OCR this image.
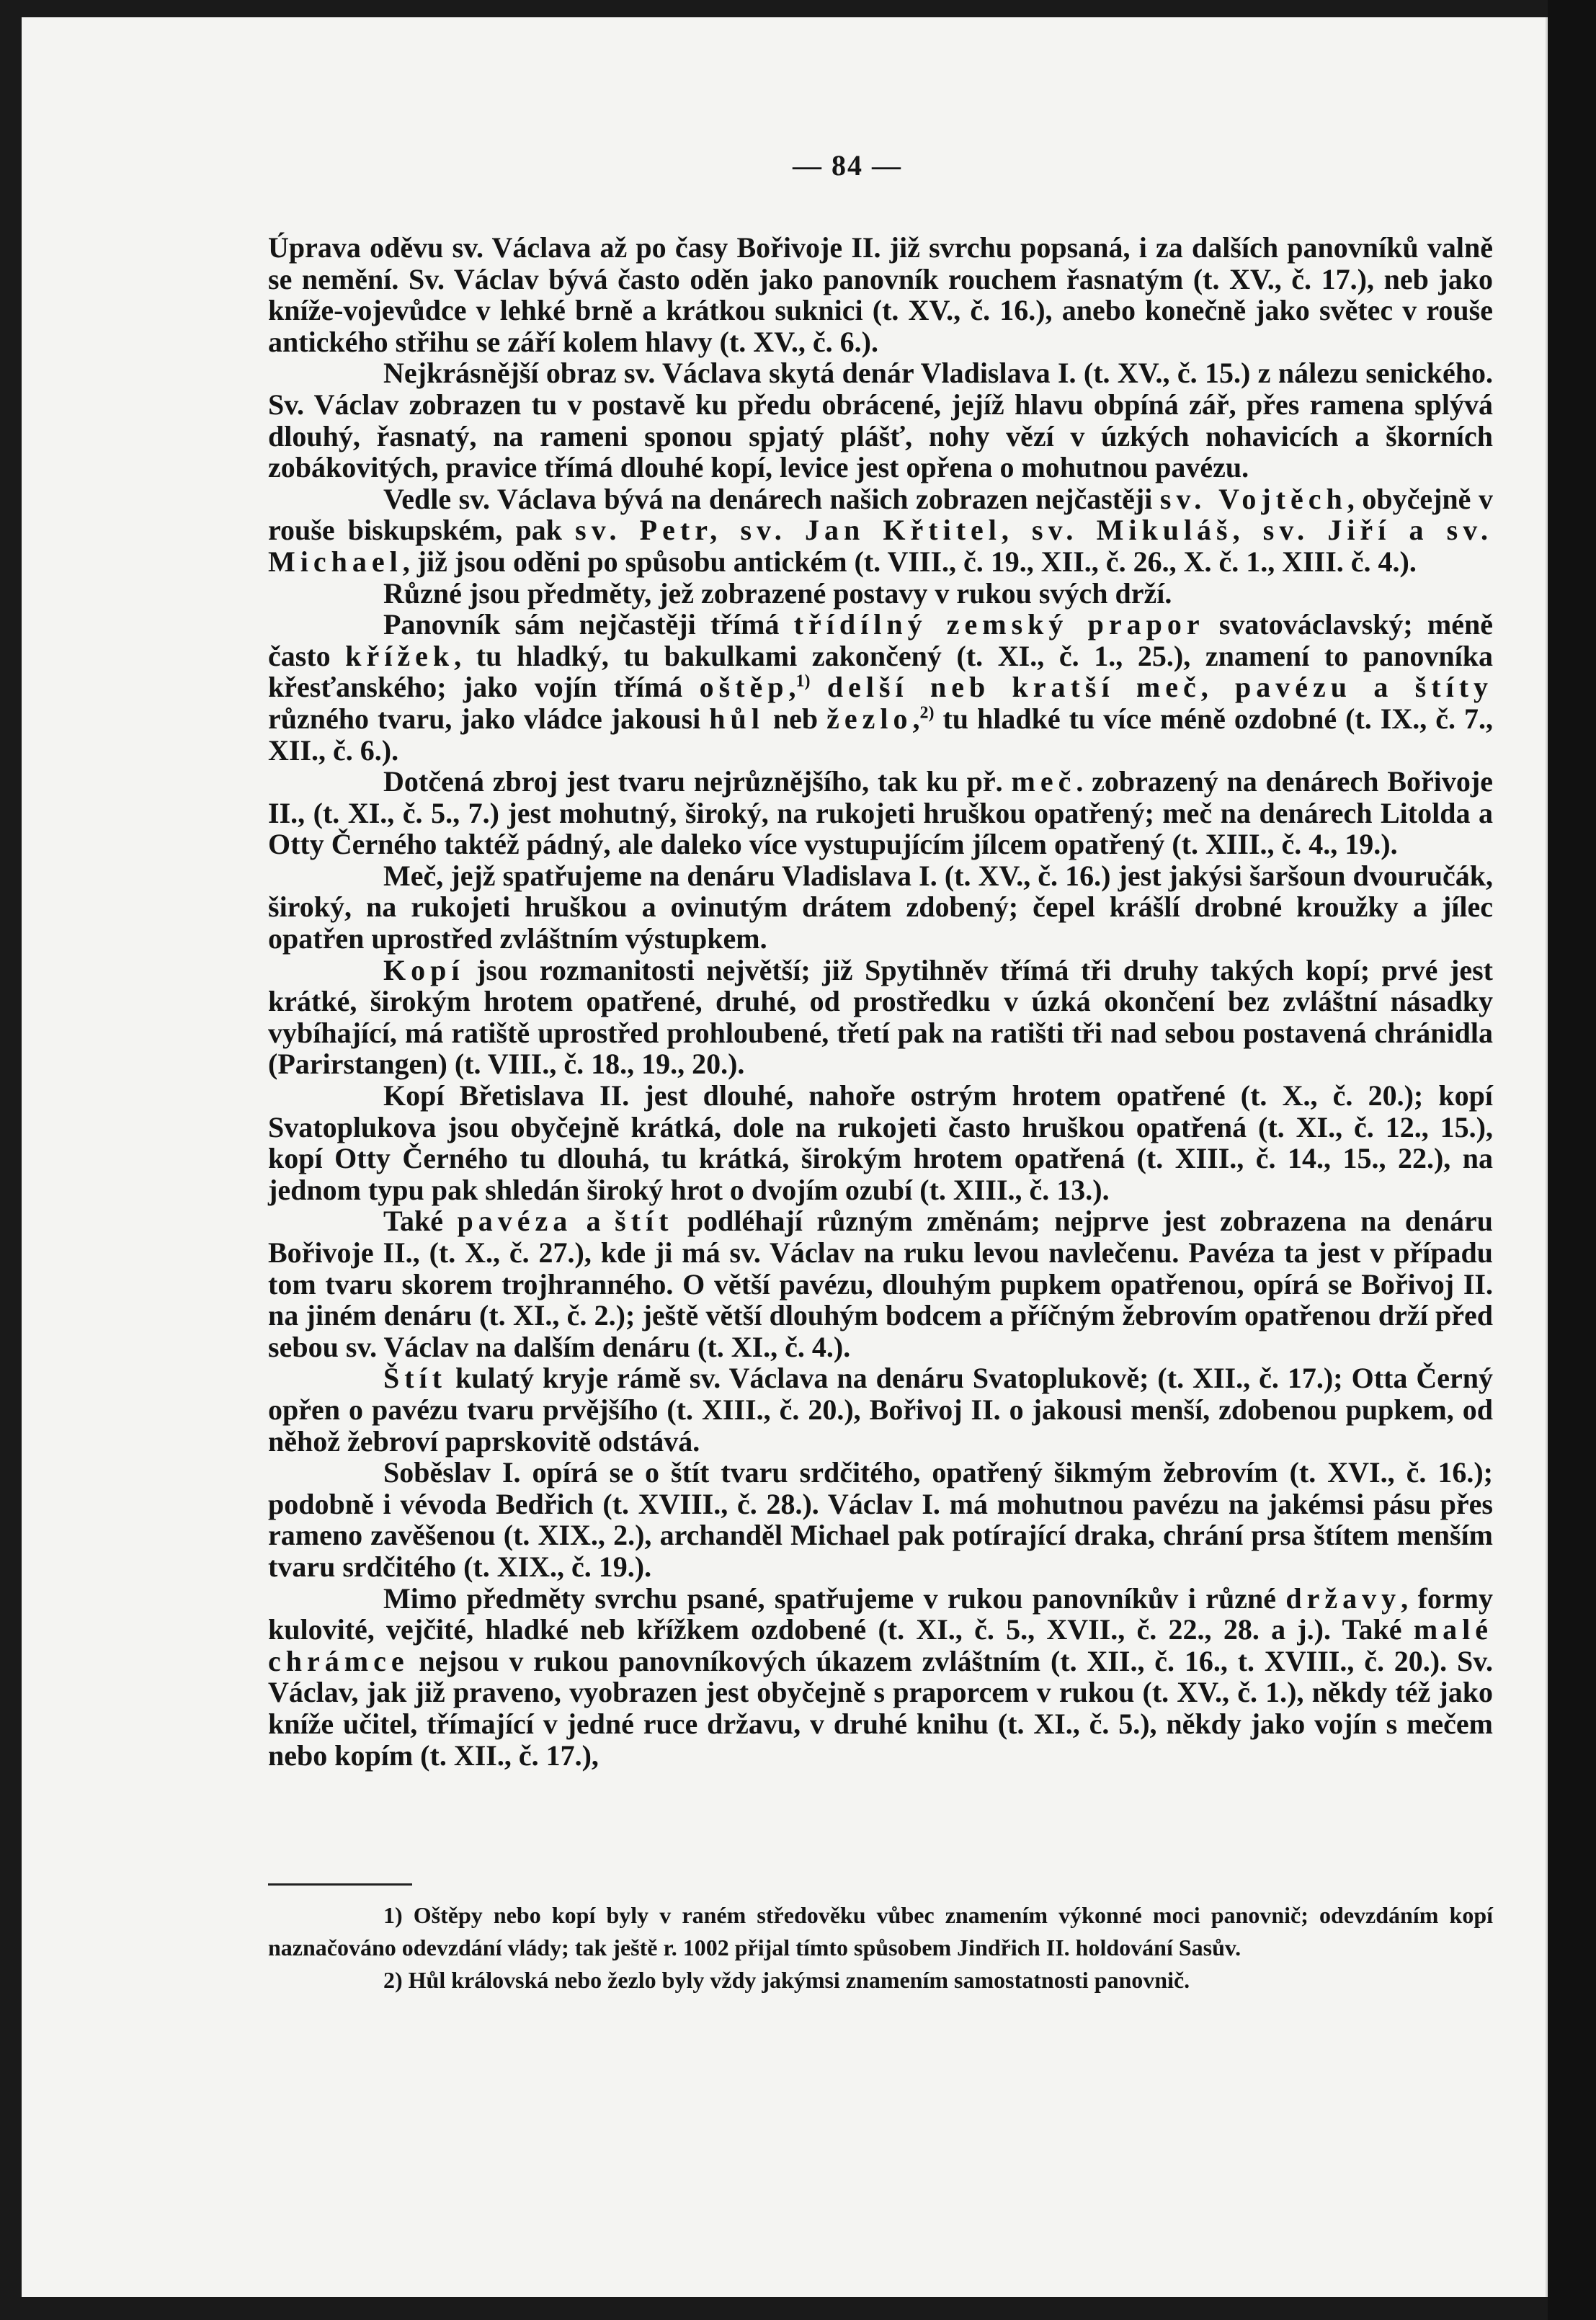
— 84 —

Úprava oděvu sv. Václava až po časy Bořivoje II. již svrchu popsaná, i za dalších panovníků valně se nemění. Sv. Václav bývá často oděn jako panovník rouchem řasnatým (t. XV., č. 17.), neb jako kníže-vojevůdce v lehké brně a krátkou suknici (t. XV., č. 16.), anebo konečně jako světec v rouše antického střihu se září kolem hlavy (t. XV., č. 6.).

Nejkrásnější obraz sv. Václava skytá denár Vladislava I. (t. XV., č. 15.) z nálezu senického. Sv. Václav zobrazen tu v postavě ku předu obrácené, jejíž hlavu obpíná zář, přes ramena splývá dlouhý, řasnatý, na rameni sponou spjatý plášť, nohy vězí v úzkých nohavicích a škorních zobákovitých, pravice třímá dlouhé kopí, levice jest opřena o mohutnou pavézu.

Vedle sv. Václava bývá na denárech našich zobrazen nejčastěji sv. Vojtěch, obyčejně v rouše biskupském, pak sv. Petr, sv. Jan Křtitel, sv. Mikuláš, sv. Jiří a sv. Michael, již jsou oděni po spůsobu antickém (t. VIII., č. 19., XII., č. 26., X. č. 1., XIII. č. 4.).

Různé jsou předměty, jež zobrazené postavy v rukou svých drží.

Panovník sám nejčastěji třímá třídílný zemský prapor svatováclavský; méně často křížek, tu hladký, tu bakulkami zakončený (t. XI., č. 1., 25.), znamení to panovníka křesťanského; jako vojín třímá oštěp,$^{1)}$ delší neb kratší meč, pavézu a štíty různého tvaru, jako vládce jakousi hůl neb žezlo,$^{2)}$ tu hladké tu více méně ozdobné (t. IX., č. 7., XII., č. 6.).

Dotčená zbroj jest tvaru nejrůznějšího, tak ku př. meč. zobrazený na denárech Bořivoje II., (t. XI., č. 5., 7.) jest mohutný, široký, na rukojeti hruškou opatřený; meč na denárech Litolda a Otty Černého taktéž pádný, ale daleko více vystupujícím jílcem opatřený (t. XIII., č. 4., 19.).

Meč, jejž spatřujeme na denáru Vladislava I. (t. XV., č. 16.) jest jakýsi šaršoun dvouručák, široký, na rukojeti hruškou a ovinutým drátem zdobený; čepel krášlí drobné kroužky a jílec opatřen uprostřed zvláštním výstupkem.

Kopí jsou rozmanitosti největší; již Spytihněv třímá tři druhy takých kopí; prvé jest krátké, širokým hrotem opatřené, druhé, od prostředku v úzká okončení bez zvláštní násadky vybíhající, má ratiště uprostřed prohloubené, třetí pak na ratišti tři nad sebou postavená chránidla (Parirstangen) (t. VIII., č. 18., 19., 20.).

Kopí Břetislava II. jest dlouhé, nahoře ostrým hrotem opatřené (t. X., č. 20.); kopí Svatoplukova jsou obyčejně krátká, dole na rukojeti často hruškou opatřená (t. XI., č. 12., 15.), kopí Otty Černého tu dlouhá, tu krátká, širokým hrotem opatřená (t. XIII., č. 14., 15., 22.), na jednom typu pak shledán široký hrot o dvojím ozubí (t. XIII., č. 13.).

Také pavéza a štít podléhají různým změnám; nejprve jest zobrazena na denáru Bořivoje II., (t. X., č. 27.), kde ji má sv. Václav na ruku levou navlečenu. Pavéza ta jest v případu tom tvaru skorem trojhranného. O větší pavézu, dlouhým pupkem opatřenou, opírá se Bořivoj II. na jiném denáru (t. XI., č. 2.); ještě větší dlouhým bodcem a příčným žebrovím opatřenou drží před sebou sv. Václav na dalším denáru (t. XI., č. 4.).

Štít kulatý kryje rámě sv. Václava na denáru Svatoplukově; (t. XII., č. 17.); Otta Černý opřen o pavézu tvaru prvějšího (t. XIII., č. 20.), Bořivoj II. o jakousi menší, zdobenou pupkem, od něhož žebroví paprskovitě odstává.

Soběslav I. opírá se o štít tvaru srdčitého, opatřený šikmým žebrovím (t. XVI., č. 16.); podobně i vévoda Bedřich (t. XVIII., č. 28.). Václav I. má mohutnou pavézu na jakémsi pásu přes rameno zavěšenou (t. XIX., 2.), archanděl Michael pak potírající draka, chrání prsa štítem menším tvaru srdčitého (t. XIX., č. 19.).

Mimo předměty svrchu psané, spatřujeme v rukou panovníkův i různé državy, formy kulovité, vejčité, hladké neb křížkem ozdobené (t. XI., č. 5., XVII., č. 22., 28. a j.). Také malé chrámce nejsou v rukou panovníkových úkazem zvláštním (t. XII., č. 16., t. XVIII., č. 20.). Sv. Václav, jak již praveno, vyobrazen jest obyčejně s praporcem v rukou (t. XV., č. 1.), někdy též jako kníže učitel, třímající v jedné ruce državu, v druhé knihu (t. XI., č. 5.), někdy jako vojín s mečem nebo kopím (t. XII., č. 17.),

1) Oštěpy nebo kopí byly v raném středověku vůbec znamením výkonné moci panovnič; odevzdáním kopí naznačováno odevzdání vlády; tak ještě r. 1002 přijal tímto spůsobem Jindřich II. holdování Sasův.

2) Hůl královská nebo žezlo byly vždy jakýmsi znamením samostatnosti panovnič.
